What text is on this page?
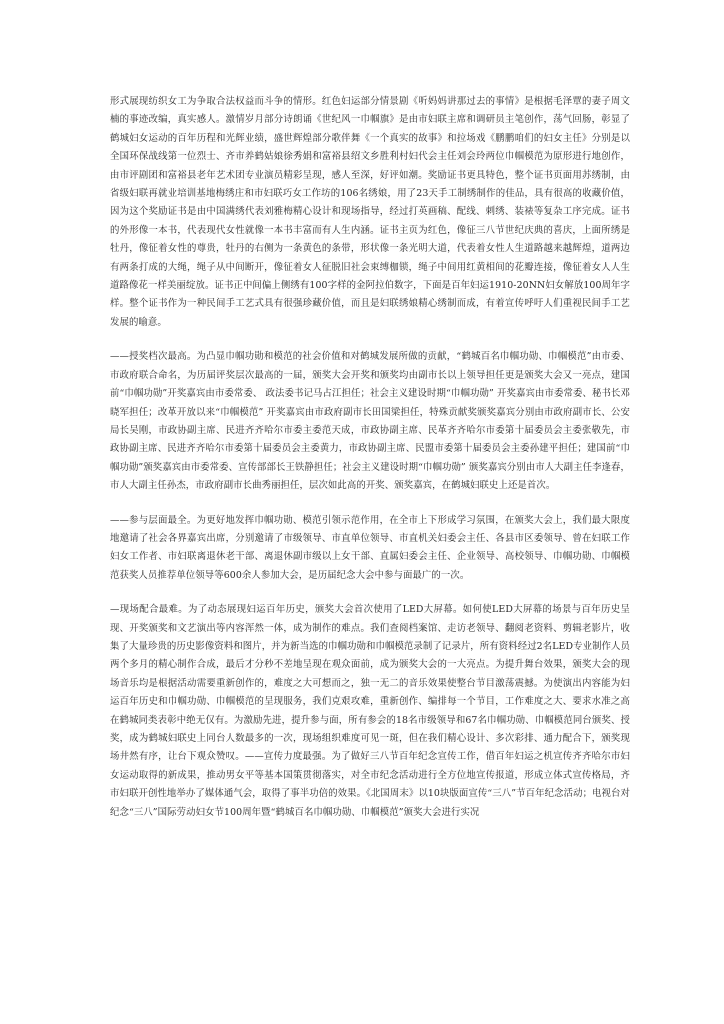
形式展现纺织女工为争取合法权益而斗争的情形。红色妇运部分情景剧《听妈妈讲那过去的事情》是根据毛泽覃的妻子周文楠的事迹改编，真实感人。激情岁月部分诗朗诵《世纪风一巾帼旗》是由市妇联主席和调研员主笔创作，荡气回肠，彰显了鹤城妇女运动的百年历程和光辉业绩，盛世辉煌部分歌伴舞《一个真实的故事》和拉场戏《鹏鹏咱们的妇女主任》分别是以全国环保战线第一位烈士、齐市养鹤姑娘徐秀娟和富裕县绍文乡胜利村妇代会主任刘会玲两位巾帼模范为原形进行地创作，由市评剧团和富裕县老年艺术团专业演员精彩呈现，感人至深，好评如潮。奖励证书更具特色，整个证书页面用苏绣制，由省级妇联再就业培训基地梅绣庄和市妇联巧女工作坊的106名绣娘，用了23天手工制绣制作的佳品，具有很高的收藏价值，因为这个奖励证书是由中国满绣代表刘雅梅精心设计和现场指导，经过打英画稿、配线、刺绣、装裱等复杂工序完成。证书的外形像一本书，代表现代女性就像一本书丰富而有人生内涵。证书主页为红色，像征三八节世纪庆典的喜庆，上面所绣是牡丹，像征着女性的尊贵，牡丹的右侧为一条黄色的条带，形状像一条光明大道，代表着女性人生道路越来越辉煌，道两边有两条打成的大绳，绳子从中间断开，像征着女人征脱旧社会束缚枷锁，绳子中间用红黄相间的花瓣连接，像征着女人人生道路像花一样美丽绽放。证书正中间偏上侧绣有100字样的金阿拉伯数字，下面是百年妇运1910-20NN妇女解放100周年字样。整个证书作为一种民间手工艺式具有很强珍藏价值，而且是妇联绣娘精心绣制而成，有着宣传呼吁人们重视民间手工艺发展的喻意。

——授奖档次最高。为凸显巾帼功勋和模范的社会价值和对鹤城发展所做的贡献，“鹤城百名巾帼功勋、巾帼模范”由市委、市政府联合命名，为历届评奖层次最高的一届，颁奖大会开奖和颁奖均由副市长以上领导担任更是颁奖大会又一亮点，建国前“巾帼功勋”开奖嘉宾由市委常委、 政法委书记马占江担任；社会主义建设时期“巾帼功勋” 开奖嘉宾由市委常委、秘书长邓晓军担任；改革开放以来“巾帼模范” 开奖嘉宾由市政府副市长田国梁担任，特殊贡献奖颁奖嘉宾分别由市政府副市长、公安局长吴刚，市政协副主席、民进齐齐哈尔市委主委范天成，市政协副主席、民革齐齐哈尔市委第十届委员会主委张敬先，市政协副主席、民进齐齐哈尔市委第十届委员会主委黄力，市政协副主席、民盟市委第十届委员会主委孙建平担任；建国前“巾帼功勋”颁奖嘉宾由市委常委、宣传部部长王铁静担任；社会主义建设时期“巾帼功勋” 颁奖嘉宾分别由市人大副主任李逢春，市人大副主任孙杰，市政府副市长曲秀丽担任，层次如此高的开奖、颁奖嘉宾，在鹤城妇联史上还是首次。

——参与层面最全。为更好地发挥巾帼功勋、模范引领示范作用，在全市上下形成学习氛围，在颁奖大会上，我们最大限度地邀请了社会各界嘉宾出席，分别邀请了市级领导、市直单位领导、市直机关妇委会主任、各县市区委领导、曾在妇联工作妇女工作者、市妇联离退休老干部、离退休副市级以上女干部、直属妇委会主任、企业领导、高校领导、巾帼功勋、巾帼模范获奖人员推荐单位领导等600余人参加大会，是历届纪念大会中参与面最广的一次。

—现场配合最难。为了动态展现妇运百年历史，颁奖大会首次使用了LED大屏幕。如何使LED大屏幕的场景与百年历史呈现、开奖颁奖和文艺演出等内容浑然一体，成为制作的难点。我们查阅档案馆、走访老领导、翻阅老资料、剪辑老影片，收集了大量珍贵的历史影像资料和图片，并为新当选的巾帼功勋和巾帼模范录制了记录片，所有资料经过2名LED专业制作人员两个多月的精心制作合成，最后才分秒不差地呈现在观众面前，成为颁奖大会的一大亮点。为提升舞台效果，颁奖大会的现场音乐均是根据活动需要重新创作的，难度之大可想而之，独一无二的音乐效果使整台节目激荡震撼。为使演出内容能为妇运百年历史和巾帼功勋、巾帼模范的呈现服务，我们克艰攻难，重新创作、编排每一个节目，工作难度之大、要求水准之高在鹤城同类表彰中绝无仅有。为激励先进，提升参与面，所有参会的18名市级领导和67名巾帼功勋、巾帼模范同台颁奖、授奖，成为鹤城妇联史上同台人数最多的一次，现场组织难度可见一斑，但在我们精心设计、多次彩排、通力配合下，颁奖现场井然有序，让台下观众赞叹。——宣传力度最强。为了做好三八节百年纪念宣传工作，借百年妇运之机宣传齐齐哈尔市妇女运动取得的新成果，推动男女平等基本国策贯彻落实，对全市纪念活动进行全方位地宣传报道，形成立体式宣传格局，齐市妇联开创性地举办了媒体通气会，取得了事半功倍的效果。《北国周末》以10块版面宣传“三八”节百年纪念活动；电视台对纪念“三八”国际劳动妇女节100周年暨“鹤城百名巾帼功勋、巾帼模范”颁奖大会进行实况
